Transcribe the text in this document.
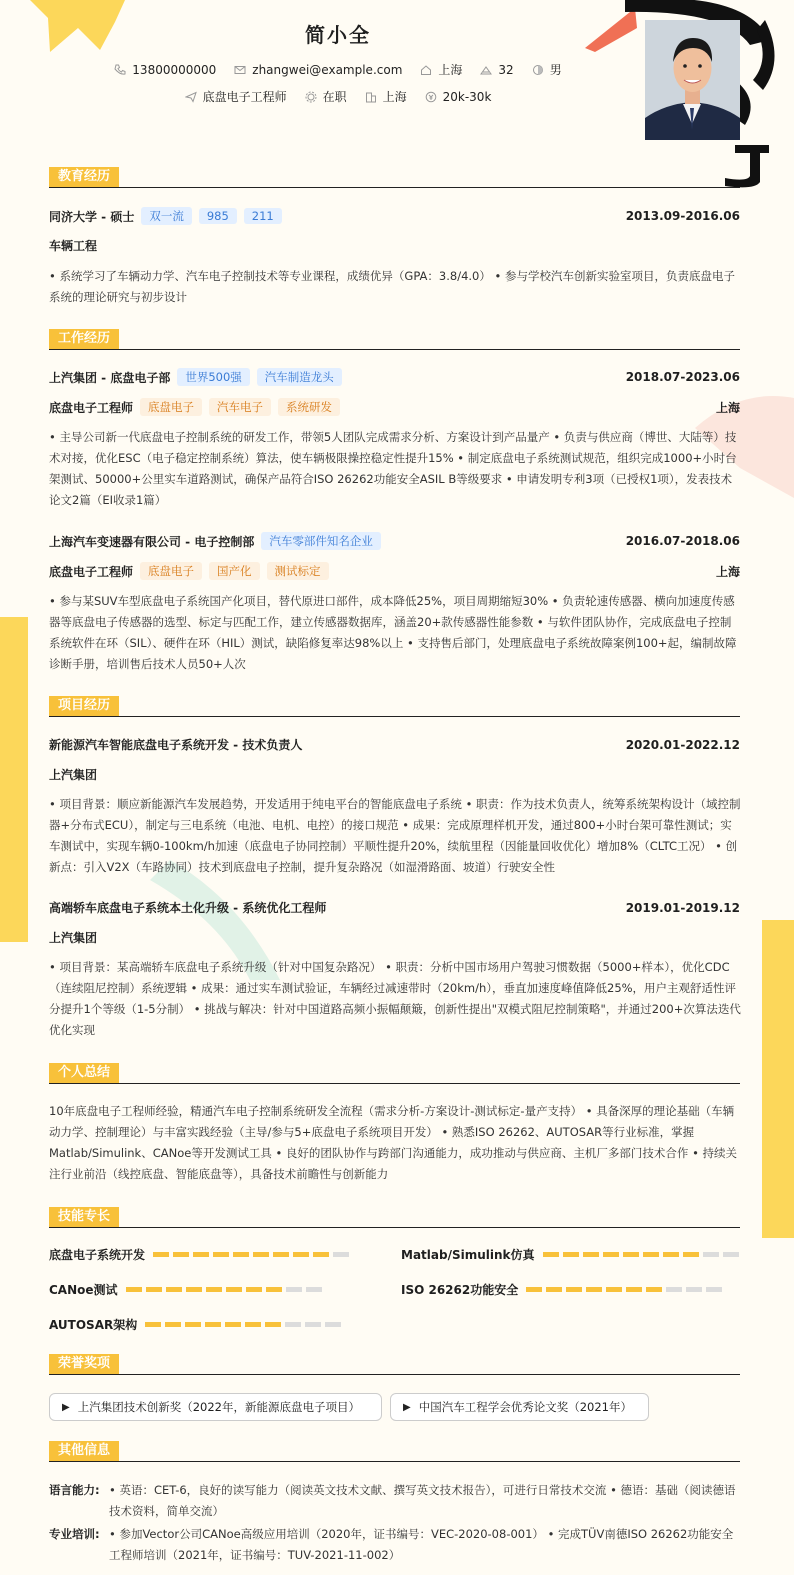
简小全
13800000000	zhangwei@example.com	上海	32	男
底盘电子工程师	在职	上海	20k-30k
教育经历
同济大学 - 硕士	双一流	985	211	2013.09-2016.06
车辆工程
• 系统学习了车辆动力学、汽车电子控制技术等专业课程，成绩优异（GPA：3.8/4.0） • 参与学校汽车创新实验室项目，负责底盘电子系统的理论研究与初步设计
工作经历
上汽集团 - 底盘电子部	世界500强	汽车制造龙头	2018.07-2023.06
底盘电子工程师	底盘电子	汽车电子	系统研发	上海
• 主导公司新一代底盘电子控制系统的研发工作，带领5人团队完成需求分析、方案设计到产品量产 • 负责与供应商（博世、大陆等）技术对接，优化ESC（电子稳定控制系统）算法，使车辆极限操控稳定性提升15% • 制定底盘电子系统测试规范，组织完成1000+小时台架测试、50000+公里实车道路测试，确保产品符合ISO 26262功能安全ASIL B等级要求 • 申请发明专利3项（已授权1项），发表技术论文2篇（EI收录1篇）
上海汽车变速器有限公司 - 电子控制部	汽车零部件知名企业	2016.07-2018.06
底盘电子工程师	底盘电子	国产化	测试标定	上海
• 参与某SUV车型底盘电子系统国产化项目，替代原进口部件，成本降低25%，项目周期缩短30% • 负责轮速传感器、横向加速度传感器等底盘电子传感器的选型、标定与匹配工作，建立传感器数据库，涵盖20+款传感器性能参数 • 与软件团队协作，完成底盘电子控制系统软件在环（SIL）、硬件在环（HIL）测试，缺陷修复率达98%以上 • 支持售后部门，处理底盘电子系统故障案例100+起，编制故障诊断手册，培训售后技术人员50+人次
项目经历
新能源汽车智能底盘电子系统开发 - 技术负责人	2020.01-2022.12
上汽集团
• 项目背景：顺应新能源汽车发展趋势，开发适用于纯电平台的智能底盘电子系统 • 职责：作为技术负责人，统筹系统架构设计（域控制器+分布式ECU），制定与三电系统（电池、电机、电控）的接口规范 • 成果：完成原理样机开发，通过800+小时台架可靠性测试；实车测试中，实现车辆0-100km/h加速（底盘电子协同控制）平顺性提升20%，续航里程（因能量回收优化）增加8%（CLTC工况） • 创新点：引入V2X（车路协同）技术到底盘电子控制，提升复杂路况（如湿滑路面、坡道）行驶安全性
高端轿车底盘电子系统本土化升级 - 系统优化工程师	2019.01-2019.12
上汽集团
• 项目背景：某高端轿车底盘电子系统升级（针对中国复杂路况） • 职责：分析中国市场用户驾驶习惯数据（5000+样本），优化CDC（连续阻尼控制）系统逻辑 • 成果：通过实车测试验证，车辆经过减速带时（20km/h），垂直加速度峰值降低25%，用户主观舒适性评分提升1个等级（1-5分制） • 挑战与解决：针对中国道路高频小振幅颠簸，创新性提出"双模式阻尼控制策略"，并通过200+次算法迭代优化实现
个人总结
10年底盘电子工程师经验，精通汽车电子控制系统研发全流程（需求分析-方案设计-测试标定-量产支持） • 具备深厚的理论基础（车辆动力学、控制理论）与丰富实践经验（主导/参与5+底盘电子系统项目开发） • 熟悉ISO 26262、AUTOSAR等行业标准，掌握Matlab/Simulink、CANoe等开发测试工具 • 良好的团队协作与跨部门沟通能力，成功推动与供应商、主机厂多部门技术合作 • 持续关注行业前沿（线控底盘、智能底盘等），具备技术前瞻性与创新能力
技能专长
底盘电子系统开发	Matlab/Simulink仿真
CANoe测试	ISO 26262功能安全
AUTOSAR架构
荣誉奖项
▶ 上汽集团技术创新奖（2022年，新能源底盘电子项目）	▶ 中国汽车工程学会优秀论文奖（2021年）
其他信息
语言能力: • 英语：CET-6，良好的读写能力（阅读英文技术文献、撰写英文技术报告），可进行日常技术交流 • 德语：基础（阅读德语技术资料，简单交流）
专业培训: • 参加Vector公司CANoe高级应用培训（2020年，证书编号：VEC-2020-08-001） • 完成TÜV南德ISO 26262功能安全工程师培训（2021年，证书编号：TUV-2021-11-002）
